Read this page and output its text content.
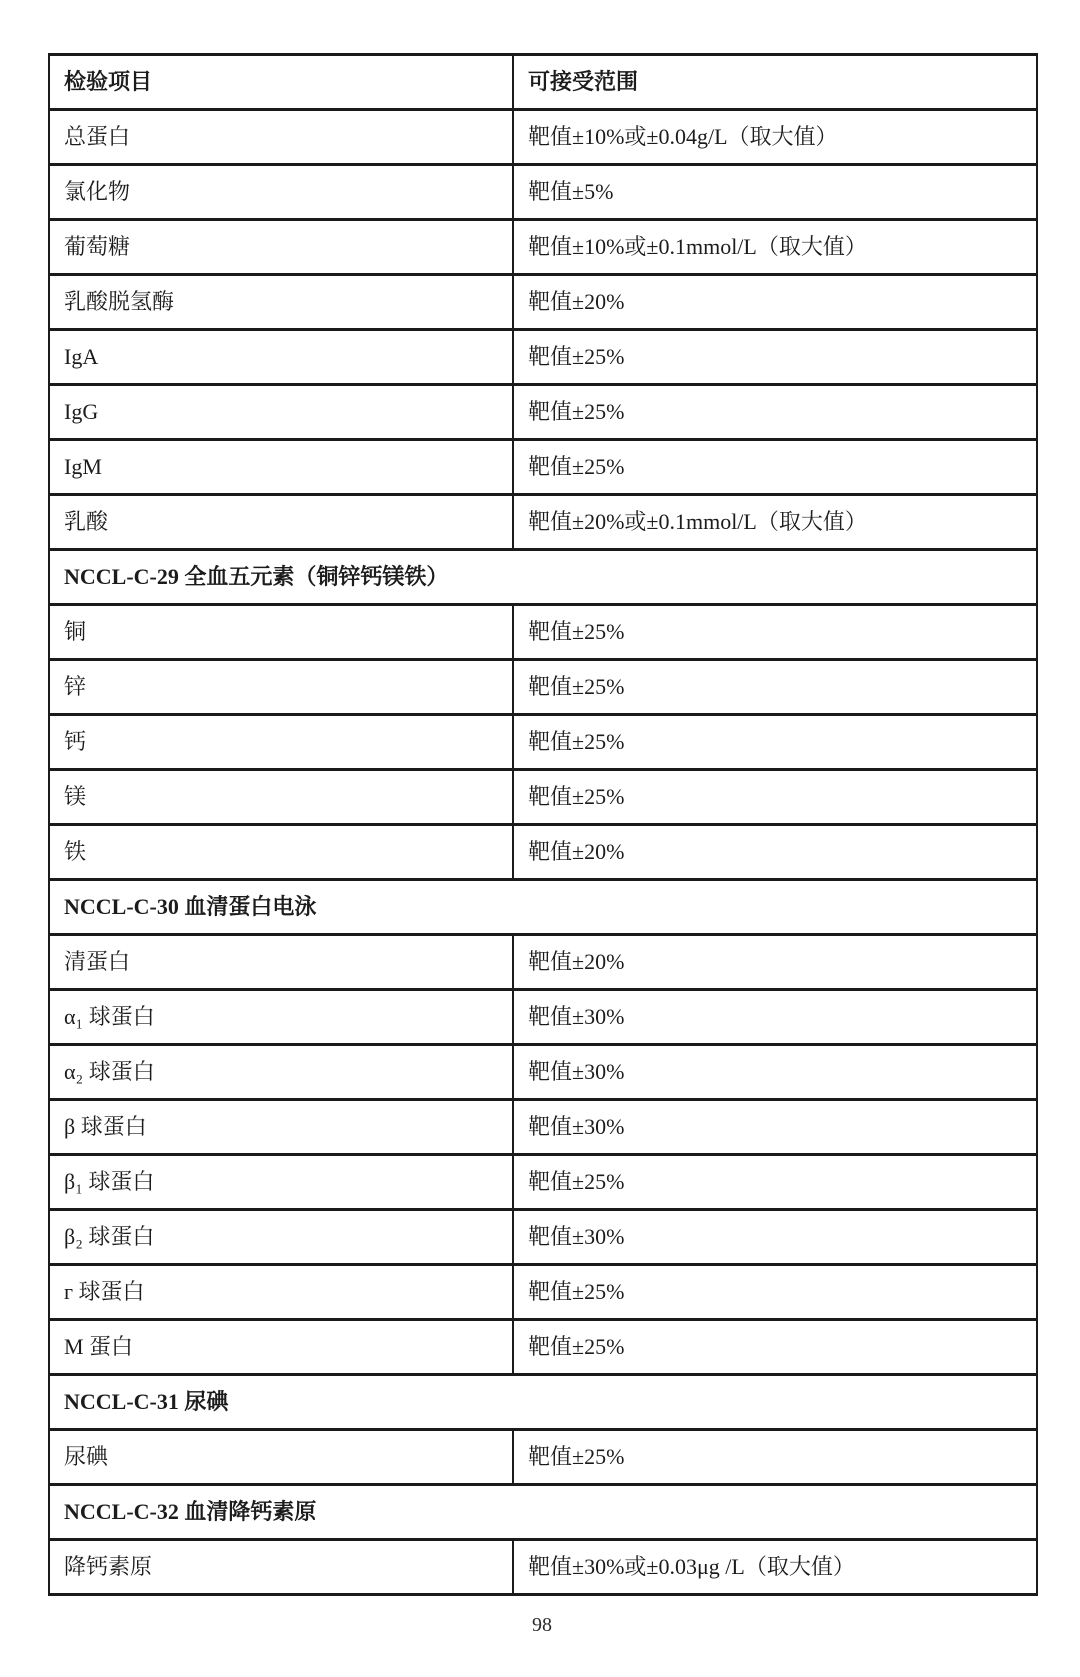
检验项目	可接受范围
总蛋白	靶值±10%或±0.04g/L（取大值）
氯化物	靶值±5%
葡萄糖	靶值±10%或±0.1mmol/L（取大值）
乳酸脱氢酶	靶值±20%
IgA	靶值±25%
IgG	靶值±25%
IgM	靶值±25%
乳酸	靶值±20%或±0.1mmol/L（取大值）
NCCL-C-29 全血五元素（铜锌钙镁铁）	
铜	靶值±25%
锌	靶值±25%
钙	靶值±25%
镁	靶值±25%
铁	靶值±20%
NCCL-C-30 血清蛋白电泳	
清蛋白	靶值±20%
α₁ 球蛋白	靶值±30%
α₂ 球蛋白	靶值±30%
β 球蛋白	靶值±30%
β₁ 球蛋白	靶值±25%
β₂ 球蛋白	靶值±30%
г 球蛋白	靶值±25%
M 蛋白	靶值±25%
NCCL-C-31 尿碘	
尿碘	靶值±25%
NCCL-C-32 血清降钙素原	
降钙素原	靶值±30%或±0.03μg /L（取大值）
98
